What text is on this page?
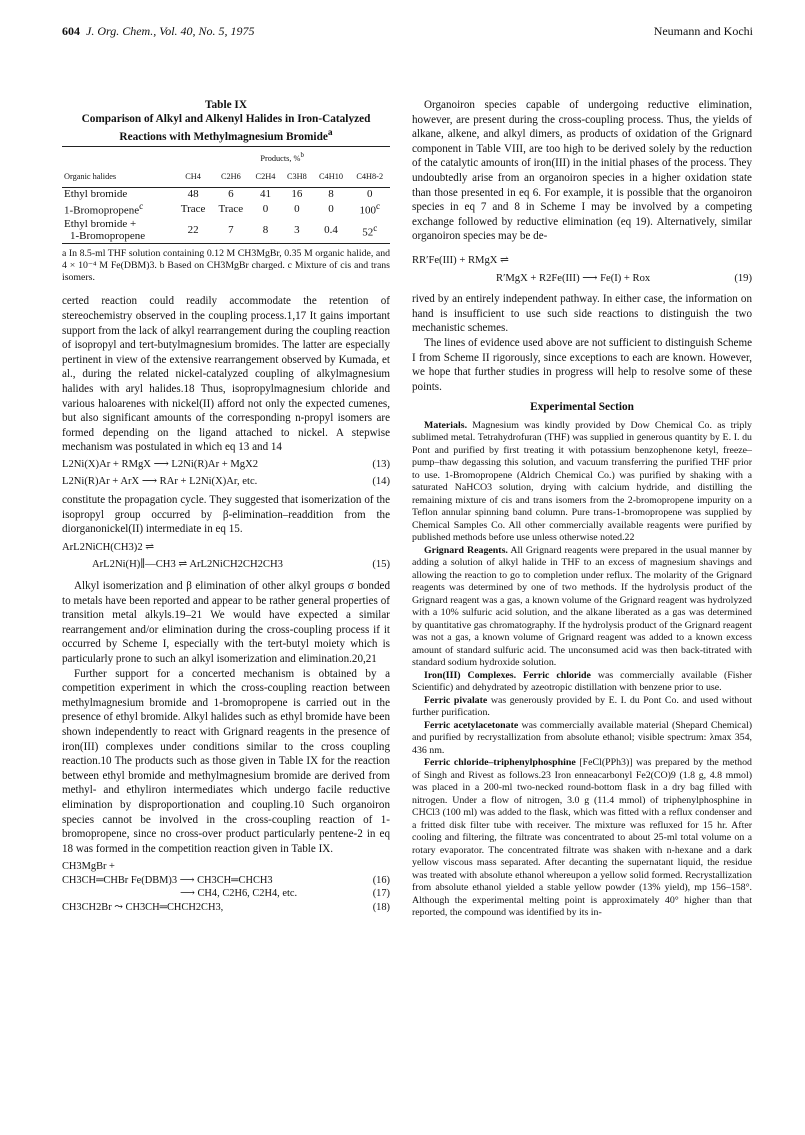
604 J. Org. Chem., Vol. 40, No. 5, 1975	Neumann and Kochi
Table IX
Comparison of Alkyl and Alkenyl Halides in Iron-Catalyzed Reactions with Methylmagnesium Bromide$^a$
	Products, %$^b$
Organic halides	CH4	C2H6	C2H4	C3H8	C4H10	C4H8-2
Ethyl bromide	48	6	41	16	8	0
1-Bromopropene$^c$	Trace	Trace	0	0	0	100$^c$

Ethyl bromide +
1-Bromopropene	22	7	8	3	0.4	52$^c$

a In 8.5-ml THF solution containing 0.12 M CH3MgBr, 0.35 M organic halide, and 4 × 10⁻⁴ M Fe(DBM)3. b Based on CH3MgBr charged. c Mixture of cis and trans isomers.

certed reaction could readily accommodate the retention of stereochemistry observed in the coupling process.1,17 It gains important support from the lack of alkyl rearrangement during the coupling reaction of isopropyl and tert-butylmagnesium bromides. The latter are especially pertinent in view of the extensive rearrangement observed by Kumada, et al., during the related nickel-catalyzed coupling of alkylmagnesium halides with aryl halides.18 Thus, isopropylmagnesium chloride and various haloarenes with nickel(II) afford not only the expected cumenes, but also significant amounts of the corresponding n-propyl isomers are formed depending on the ligand attached to nickel. A stepwise mechanism was postulated in which eq 13 and 14

L2Ni(X)Ar + RMgX ⟶ L2Ni(R)Ar + MgX2	(13)
L2Ni(R)Ar + ArX ⟶ RAr + L2Ni(X)Ar, etc.	(14)

constitute the propagation cycle. They suggested that isomerization of the isopropyl group occurred by β-elimination–readdition from the diorganonickel(II) intermediate in eq 15.

ArL2NiCH(CH3)2 ⇌
ArL2Ni(H)∥—CH3 ⇌ ArL2NiCH2CH2CH3	(15)

Alkyl isomerization and β elimination of other alkyl groups σ bonded to metals have been reported and appear to be rather general properties of transition metal alkyls.19–21 We would have expected a similar rearrangement and/or elimination during the cross-coupling process if it occurred by Scheme I, especially with the tert-butyl moiety which is particularly prone to such an alkyl isomerization and elimination.20,21

Further support for a concerted mechanism is obtained by a competition experiment in which the cross-coupling reaction between methylmagnesium bromide and 1-bromopropene is carried out in the presence of ethyl bromide. Alkyl halides such as ethyl bromide have been shown independently to react with Grignard reagents in the presence of iron(III) complexes under conditions similar to the cross coupling reaction.10 The products such as those given in Table IX for the reaction between ethyl bromide and methylmagnesium bromide are derived from methyl- and ethyliron intermediates which undergo facile reductive elimination by disproportionation and coupling.10 Such organoiron species cannot be involved in the cross-coupling reaction of 1-bromopropene, since no cross-over product particularly pentene-2 in eq 18 was formed in the competition reaction given in Table IX.

CH3MgBr +
CH3CH═CHBr Fe(DBM)3 ⟶ CH3CH═CHCH3	(16)
⟶ CH4, C2H6, C2H4, etc.	(17)
CH3CH2Br ⤳ CH3CH═CHCH2CH3,	(18)

Organoiron species capable of undergoing reductive elimination, however, are present during the cross-coupling process. Thus, the yields of alkane, alkene, and alkyl dimers, as products of oxidation of the Grignard component in Table VIII, are too high to be derived solely by the reduction of the catalytic amounts of iron(III) in the initial phases of the process. They undoubtedly arise from an organoiron species in a higher oxidation state than those presented in eq 6. For example, it is possible that the organoiron species in eq 7 and 8 in Scheme I may be involved by a competing exchange followed by reductive elimination (eq 19). Alternatively, similar organoiron species may be de-

RR′Fe(III) + RMgX ⇌
R′MgX + R2Fe(III) ⟶ Fe(I) + Rox	(19)

rived by an entirely independent pathway. In either case, the information on hand is insufficient to use such side reactions to distinguish the two mechanistic schemes.

The lines of evidence used above are not sufficient to distinguish Scheme I from Scheme II rigorously, since exceptions to each are known. However, we hope that further studies in progress will help to resolve some of these points.

Experimental Section

Materials. Magnesium was kindly provided by Dow Chemical Co. as triply sublimed metal. Tetrahydrofuran (THF) was supplied in generous quantity by E. I. du Pont and purified by first treating it with potassium benzophenone ketyl, freeze–pump–thaw degassing this solution, and vacuum transferring the purified THF prior to use. 1-Bromopropene (Aldrich Chemical Co.) was purified by shaking with a saturated NaHCO3 solution, drying with calcium hydride, and distilling the remaining mixture of cis and trans isomers from the 2-bromopropene impurity on a Teflon annular spinning band column. Pure trans-1-bromopropene was supplied by Chemical Samples Co. All other commercially available reagents were purified by published methods before use unless otherwise noted.22

Grignard Reagents. All Grignard reagents were prepared in the usual manner by adding a solution of alkyl halide in THF to an excess of magnesium shavings and allowing the reaction to go to completion under reflux. The molarity of the Grignard reagents was determined by one of two methods. If the hydrolysis product of the Grignard reagent was a gas, a known volume of the Grignard reagent was hydrolyzed with a 10% sulfuric acid solution, and the alkane liberated as a gas was determined by quantitative gas chromatography. If the hydrolysis product of the Grignard reagent was not a gas, a known volume of Grignard reagent was added to a known excess amount of standard sulfuric acid. The unconsumed acid was then back-titrated with standard sodium hydroxide solution.

Iron(III) Complexes. Ferric chloride was commercially available (Fisher Scientific) and dehydrated by azeotropic distillation with benzene prior to use.

Ferric pivalate was generously provided by E. I. du Pont Co. and used without further purification.

Ferric acetylacetonate was commercially available material (Shepard Chemical) and purified by recrystallization from absolute ethanol; visible spectrum: λmax 354, 436 nm.

Ferric chloride–triphenylphosphine [FeCl(PPh3)] was prepared by the method of Singh and Rivest as follows.23 Iron enneacarbonyl Fe2(CO)9 (1.8 g, 4.8 mmol) was placed in a 200-ml two-necked round-bottom flask in a dry bag filled with nitrogen. Under a flow of nitrogen, 3.0 g (11.4 mmol) of triphenylphosphine in CHCl3 (100 ml) was added to the flask, which was fitted with a reflux condenser and a fritted disk filter tube with receiver. The mixture was refluxed for 15 hr. After cooling and filtering, the filtrate was concentrated to about 25-ml total volume on a rotary evaporator. The concentrated filtrate was shaken with n-hexane and a dark yellow viscous mass separated. After decanting the supernatant liquid, the residue was treated with absolute ethanol whereupon a yellow solid formed. Recrystallization from absolute ethanol yielded a stable yellow powder (13% yield), mp 156–158°. Although the experimental melting point is approximately 40° higher than that reported, the compound was identified by its in-
